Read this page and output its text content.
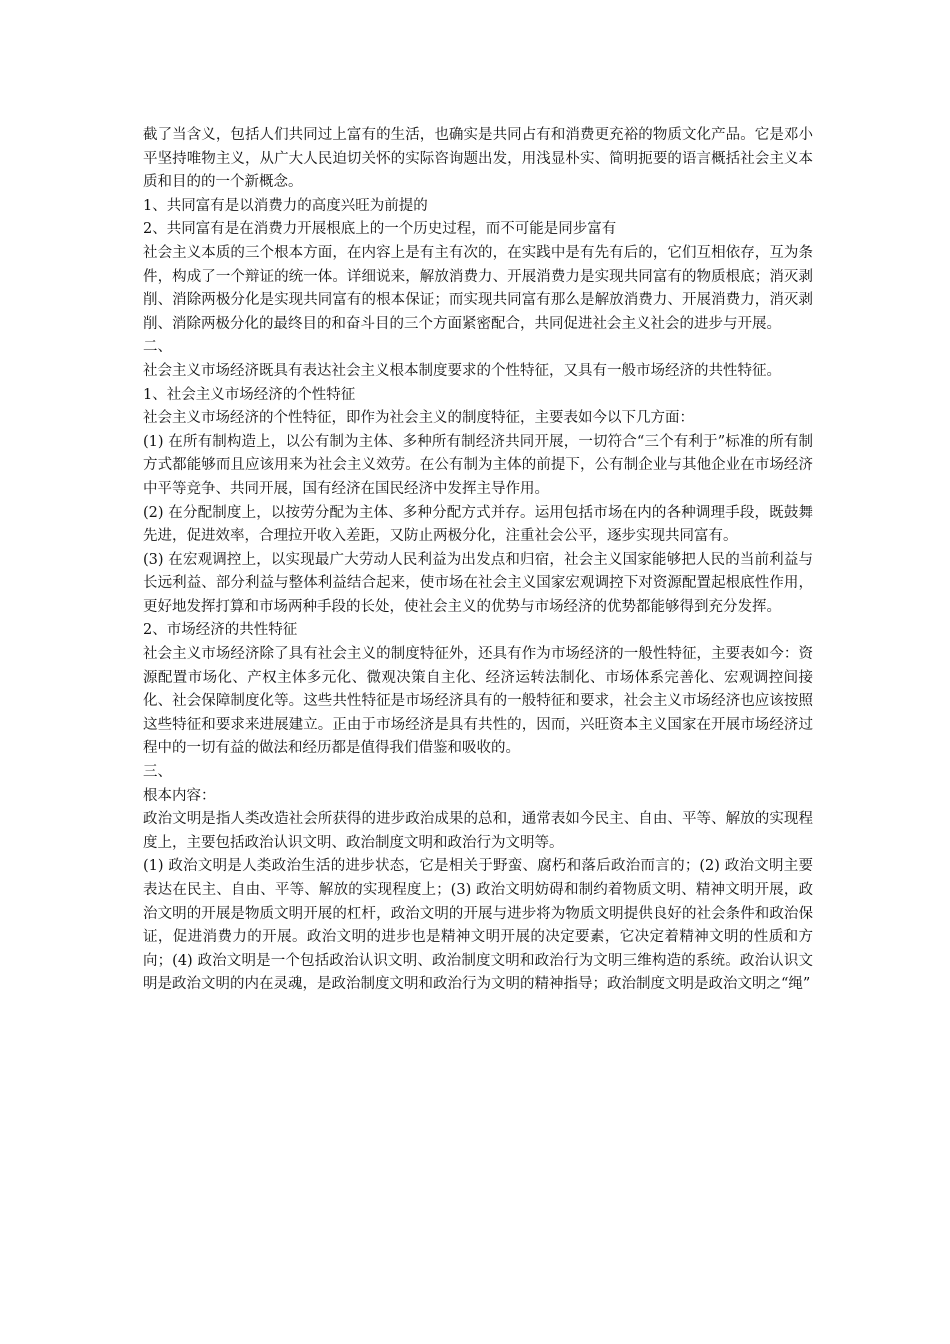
截了当含义，包括人们共同过上富有的生活，也确实是共同占有和消费更充裕的物质文化产品。它是邓小平坚持唯物主义，从广大人民迫切关怀的实际咨询题出发，用浅显朴实、简明扼要的语言概括社会主义本质和目的的一个新概念。

1、共同富有是以消费力的高度兴旺为前提的

2、共同富有是在消费力开展根底上的一个历史过程，而不可能是同步富有

社会主义本质的三个根本方面，在内容上是有主有次的，在实践中是有先有后的，它们互相依存，互为条件，构成了一个辩证的统一体。详细说来，解放消费力、开展消费力是实现共同富有的物质根底；消灭剥削、消除两极分化是实现共同富有的根本保证；而实现共同富有那么是解放消费力、开展消费力，消灭剥削、消除两极分化的最终目的和奋斗目的三个方面紧密配合，共同促进社会主义社会的进步与开展。

二、

社会主义市场经济既具有表达社会主义根本制度要求的个性特征，又具有一般市场经济的共性特征。

1、社会主义市场经济的个性特征

社会主义市场经济的个性特征，即作为社会主义的制度特征，主要表如今以下几方面：

(1) 在所有制构造上，以公有制为主体、多种所有制经济共同开展，一切符合“三个有利于”标准的所有制方式都能够而且应该用来为社会主义效劳。在公有制为主体的前提下，公有制企业与其他企业在市场经济中平等竞争、共同开展，国有经济在国民经济中发挥主导作用。

(2) 在分配制度上，以按劳分配为主体、多种分配方式并存。运用包括市场在内的各种调理手段，既鼓舞先进，促进效率，合理拉开收入差距，又防止两极分化，注重社会公平，逐步实现共同富有。

(3) 在宏观调控上，以实现最广大劳动人民利益为出发点和归宿，社会主义国家能够把人民的当前利益与长远利益、部分利益与整体利益结合起来，使市场在社会主义国家宏观调控下对资源配置起根底性作用，更好地发挥打算和市场两种手段的长处，使社会主义的优势与市场经济的优势都能够得到充分发挥。

2、市场经济的共性特征

社会主义市场经济除了具有社会主义的制度特征外，还具有作为市场经济的一般性特征，主要表如今：资源配置市场化、产权主体多元化、微观决策自主化、经济运转法制化、市场体系完善化、宏观调控间接化、社会保障制度化等。这些共性特征是市场经济具有的一般特征和要求，社会主义市场经济也应该按照这些特征和要求来进展建立。正由于市场经济是具有共性的，因而，兴旺资本主义国家在开展市场经济过程中的一切有益的做法和经历都是值得我们借鉴和吸收的。

三、

根本内容：

政治文明是指人类改造社会所获得的进步政治成果的总和，通常表如今民主、自由、平等、解放的实现程度上，主要包括政治认识文明、政治制度文明和政治行为文明等。

(1) 政治文明是人类政治生活的进步状态，它是相关于野蛮、腐朽和落后政治而言的；(2) 政治文明主要表达在民主、自由、平等、解放的实现程度上；(3) 政治文明妨碍和制约着物质文明、精神文明开展，政治文明的开展是物质文明开展的杠杆，政治文明的开展与进步将为物质文明提供良好的社会条件和政治保证，促进消费力的开展。政治文明的进步也是精神文明开展的决定要素，它决定着精神文明的性质和方向；(4) 政治文明是一个包括政治认识文明、政治制度文明和政治行为文明三维构造的系统。政治认识文明是政治文明的内在灵魂，是政治制度文明和政治行为文明的精神指导；政治制度文明是政治文明之“绳”
